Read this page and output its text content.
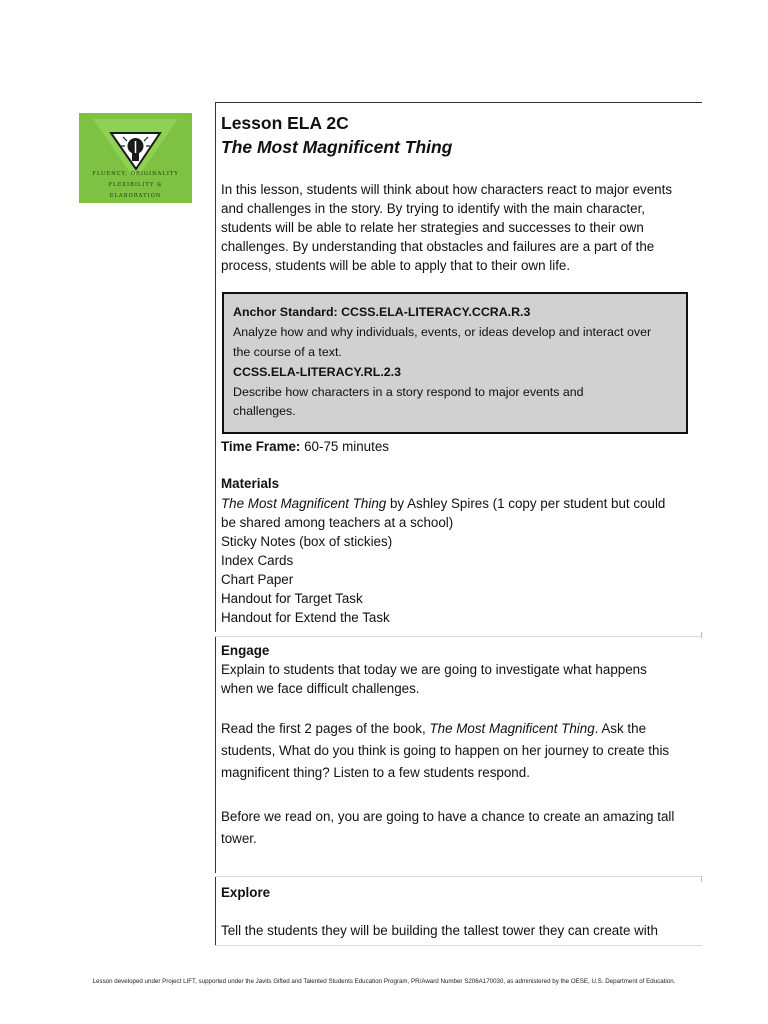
FLUENCY, ORIGINALITY
FLEXIBILITY &
ELABORATION
Lesson ELA 2C
The Most Magnificent Thing
In this lesson, students will think about how characters react to major events
and challenges in the story. By trying to identify with the main character,
students will be able to relate her strategies and successes to their own
challenges. By understanding that obstacles and failures are a part of the
process, students will be able to apply that to their own life.
Anchor Standard: CCSS.ELA-LITERACY.CCRA.R.3
Analyze how and why individuals, events, or ideas develop and interact over
the course of a text.
CCSS.ELA-LITERACY.RL.2.3
Describe how characters in a story respond to major events and
challenges.
Time Frame: 60-75 minutes
Materials
The Most Magnificent Thing by Ashley Spires (1 copy per student but could
be shared among teachers at a school)
Sticky Notes (box of stickies)
Index Cards
Chart Paper
Handout for Target Task
Handout for Extend the Task
Engage
Explain to students that today we are going to investigate what happens
when we face difficult challenges.
Read the first 2 pages of the book, The Most Magnificent Thing. Ask the
students, What do you think is going to happen on her journey to create this
magnificent thing? Listen to a few students respond.
Before we read on, you are going to have a chance to create an amazing tall
tower.
Explore
Tell the students they will be building the tallest tower they can create with
Lesson developed under Project LIFT, supported under the Javits Gifted and Talented Students Education Program, PR/Award Number S206A170030, as administered by the OESE, U.S. Department of Education.
